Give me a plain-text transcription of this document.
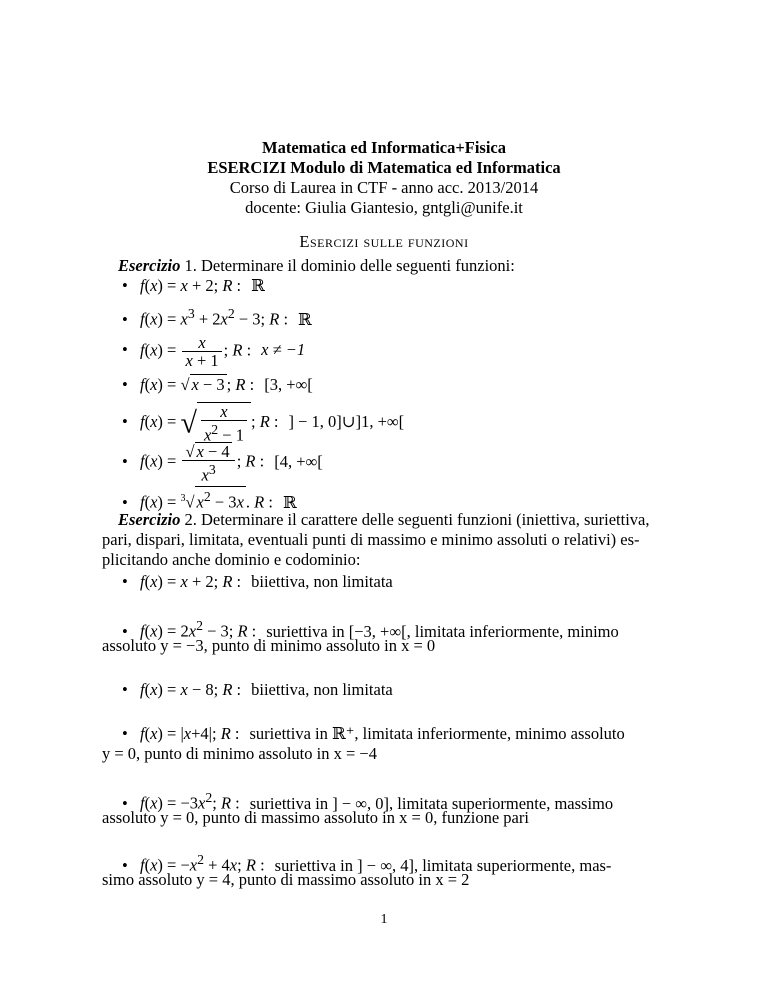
Matematica ed Informatica+Fisica
ESERCIZI Modulo di Matematica ed Informatica
Corso di Laurea in CTF - anno acc. 2013/2014
docente: Giulia Giantesio, gntgli@unife.it
Esercizi sulle funzioni
Esercizio 1. Determinare il dominio delle seguenti funzioni:
• f(x) = x + 2; R : ℝ
• $f(x) = x^3 + 2x^2 - 3$; R : ℝ
• $f(x) = \frac{x}{x + 1}$ ; R : x ≠ −1
• f(x) = √ x − 3 ; R : [3, +∞[
• f(x) = √ $\frac{x}{x^2 - 1}$ ; R : ] − 1, 0]∪]1, +∞[
• $f(x) = \frac{√ x - 4}{x^3}$ ; R : [4, +∞[
• f(x) = $^3$√ $x^2 - 3x$ . R : ℝ
Esercizio 2. Determinare il carattere delle seguenti funzioni (iniettiva, suriettiva,
pari, dispari, limitata, eventuali punti di massimo e minimo assoluti o relativi) es-
plicitando anche dominio e codominio:
• f(x) = x + 2; R : biiettiva, non limitata
• $f(x) = 2x^2 - 3$; R : suriettiva in [−3, +∞[, limitata inferiormente, minimo
assoluto y = −3, punto di minimo assoluto in x = 0
• f(x) = x − 8; R : biiettiva, non limitata
• f(x) = |x+4|; R : suriettiva in ℝ⁺, limitata inferiormente, minimo assoluto
y = 0, punto di minimo assoluto in x = −4
• $f(x) = -3x^2$; R : suriettiva in ] − ∞, 0], limitata superiormente, massimo
assoluto y = 0, punto di massimo assoluto in x = 0, funzione pari
• $f(x) = -x^2 + 4x$; R : suriettiva in ] − ∞, 4], limitata superiormente, mas-
simo assoluto y = 4, punto di massimo assoluto in x = 2
1
